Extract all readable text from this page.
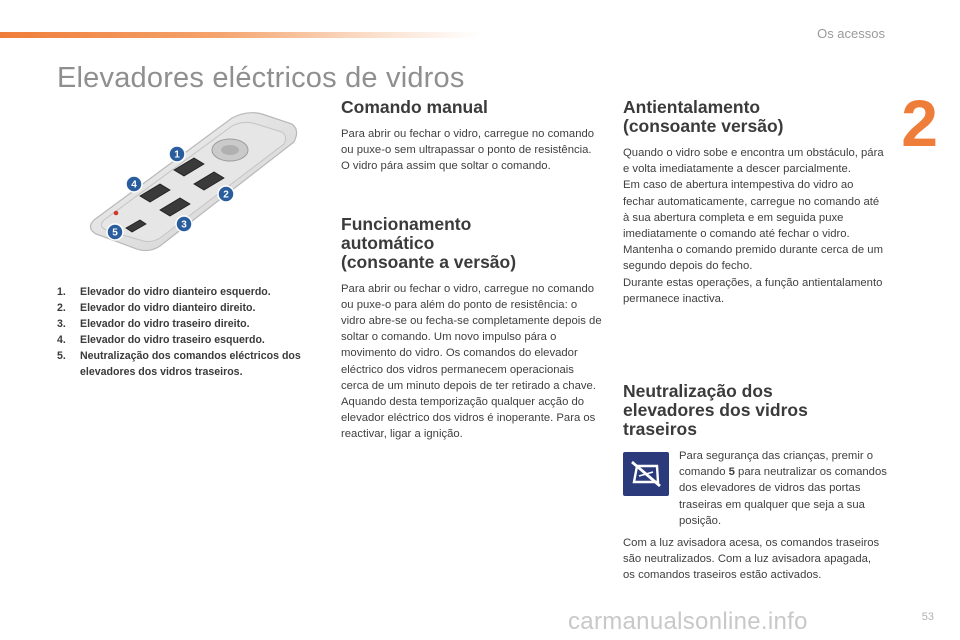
Os acessos
2
Elevadores eléctricos de vidros
1
2
3
4
5
1. Elevador do vidro dianteiro esquerdo.
2. Elevador do vidro dianteiro direito.
3. Elevador do vidro traseiro direito.
4. Elevador do vidro traseiro esquerdo.
5. Neutralização dos comandos eléctricos dos elevadores dos vidros traseiros.
Comando manual

Para abrir ou fechar o vidro, carregue no comando ou puxe-o sem ultrapassar o ponto de resistência. O vidro pára assim que soltar o comando.

Funcionamento
automático
(consoante a versão)

Para abrir ou fechar o vidro, carregue no comando ou puxe-o para além do ponto de resistência: o vidro abre-se ou fecha-se completamente depois de soltar o comando. Um novo impulso pára o movimento do vidro. Os comandos do elevador eléctrico dos vidros permanecem operacionais cerca de um minuto depois de ter retirado a chave. Aquando desta temporização qualquer acção do elevador eléctrico dos vidros é inoperante. Para os reactivar, ligar a ignição.

Antientalamento
(consoante versão)

Quando o vidro sobe e encontra um obstáculo, pára e volta imediatamente a descer parcialmente.

Em caso de abertura intempestiva do vidro ao fechar automaticamente, carregue no comando até à sua abertura completa e em seguida puxe imediatamente o comando até fechar o vidro. Mantenha o comando premido durante cerca de um segundo depois do fecho.

Durante estas operações, a função antientalamento permanece inactiva.

Neutralização dos
elevadores dos vidros
traseiros

Para segurança das crianças, premir o comando 5 para neutralizar os comandos dos elevadores de vidros das portas traseiras em qualquer que seja a sua posição.

Com a luz avisadora acesa, os comandos traseiros são neutralizados. Com a luz avisadora apagada, os comandos traseiros estão activados.

carmanualsonline.info	53
